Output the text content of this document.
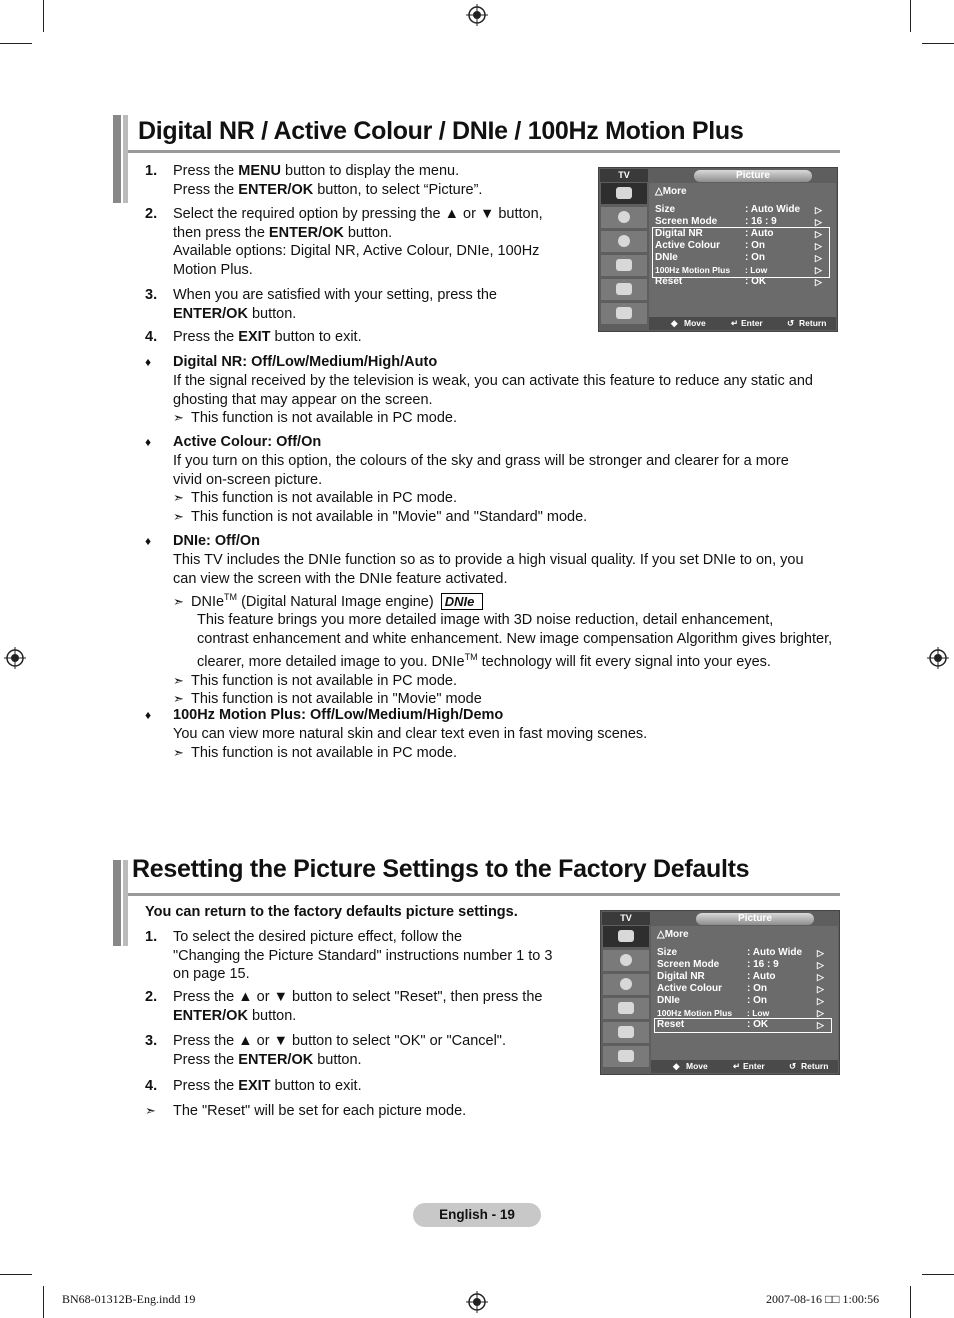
Digital NR / Active Colour / DNIe / 100Hz Motion Plus
1. Press the MENU button to display the menu.
Press the ENTER/OK button, to select “Picture”.
2. Select the required option by pressing the ▲ or ▼ button,
then press the ENTER/OK button.
Available options: Digital NR, Active Colour, DNIe, 100Hz
Motion Plus.
3. When you are satisfied with your setting, press the
ENTER/OK button.
4. Press the EXIT button to exit.
♦ Digital NR: Off/Low/Medium/High/Auto
If the signal received by the television is weak, you can activate this feature to reduce any static and
ghosting that may appear on the screen.
➣ This function is not available in PC mode.
♦ Active Colour: Off/On
If you turn on this option, the colours of the sky and grass will be stronger and clearer for a more
vivid on-screen picture.
➣ This function is not available in PC mode.
➣ This function is not available in "Movie" and "Standard" mode.
♦ DNIe: Off/On
This TV includes the DNIe function so as to provide a high visual quality. If you set DNIe to on, you
can view the screen with the DNIe feature activated.
➣ DNIe™ (Digital Natural Image engine) DNIe
This feature brings you more detailed image with 3D noise reduction, detail enhancement,
contrast enhancement and white enhancement. New image compensation Algorithm gives brighter,
clearer, more detailed image to you. DNIe™ technology will fit every signal into your eyes.
➣ This function is not available in PC mode.
➣ This function is not available in "Movie" mode
♦ 100Hz Motion Plus: Off/Low/Medium/High/Demo
You can view more natural skin and clear text even in fast moving scenes.
➣ This function is not available in PC mode.
Resetting the Picture Settings to the Factory Defaults
You can return to the factory defaults picture settings.
1. To select the desired picture effect, follow the
"Changing the Picture Standard" instructions number 1 to 3
on page 15.
2. Press the ▲ or ▼ button to select "Reset", then press the
ENTER/OK button.
3. Press the ▲ or ▼ button to select "OK" or "Cancel".
Press the ENTER/OK button.
4. Press the EXIT button to exit.
➣ The "Reset" will be set for each picture mode.
TV	Picture
△More
Size	: Auto Wide ▷
Screen Mode	: 16 : 9	▷
Digital NR	: Auto	▷
Active Colour : On	▷
DNIe	: On	▷
100Hz Motion Plus : Low	▷
Reset	: OK	▷
◆ Move	↵ Enter	↺ Return
TV	Picture
△More
Size	: Auto Wide ▷
Screen Mode	: 16 : 9	▷
Digital NR	: Auto	▷
Active Colour : On	▷
DNIe	: On	▷
100Hz Motion Plus : Low	▷
Reset	: OK	▷
◆ Move	↵ Enter	↺ Return
English - 19
BN68-01312B-Eng.indd 19	2007-08-16 □□ 1:00:56
